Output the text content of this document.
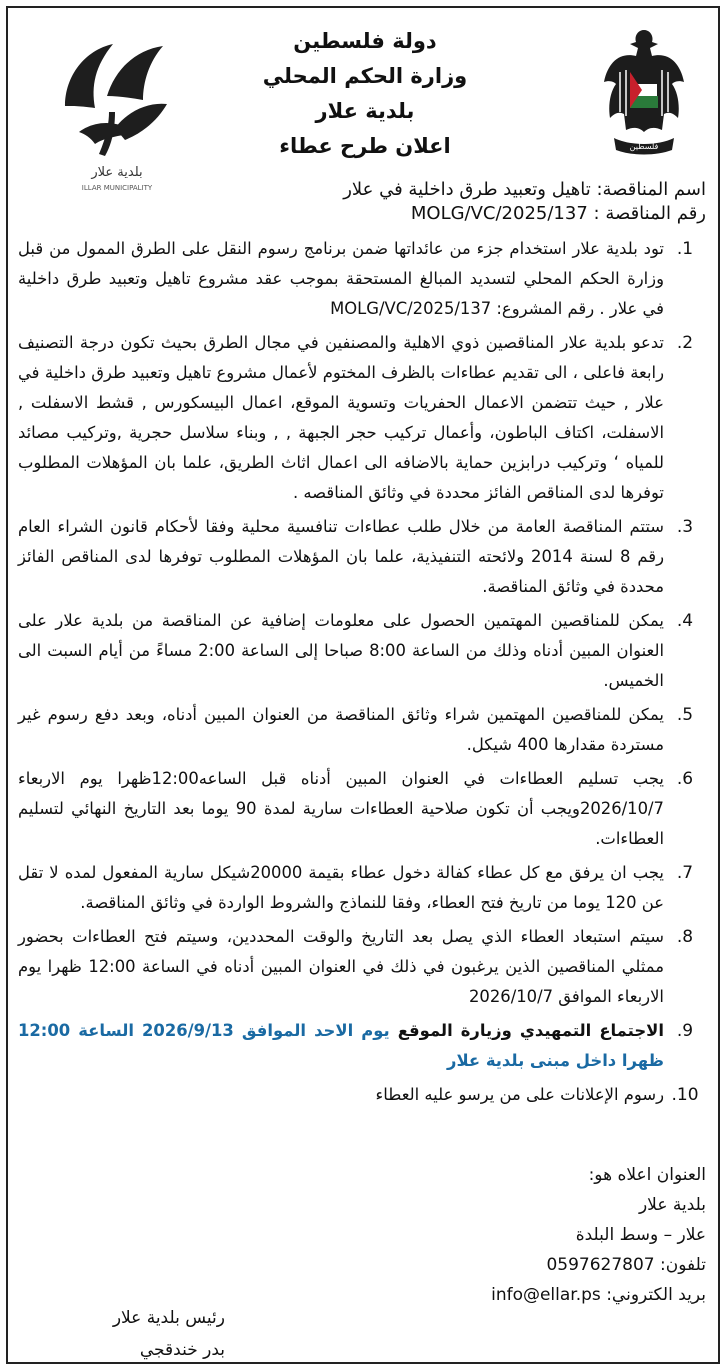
فلسطين
بلدية علار
ILLAR MUNICIPALITY
دولة فلسطين
وزارة الحكم المحلي
بلدية علار
اعلان طرح عطاء
اسم المناقصة: تاهيل وتعبيد طرق داخلية في علار
رقم المناقصة : MOLG/VC/2025/137
1.
تود بلدية علار استخدام جزء من عائداتها ضمن برنامج رسوم النقل على الطرق الممول من قبل وزارة الحكم المحلي لتسديد المبالغ المستحقة بموجب عقد مشروع تاهيل وتعبيد طرق داخلية في علار . رقم المشروع: MOLG/VC/2025/137
2.
تدعو بلدية علار المناقصين ذوي الاهلية والمصنفين في مجال الطرق بحيث تكون درجة التصنيف رابعة فاعلى ، الى تقديم عطاءات بالظرف المختوم لأعمال مشروع تاهيل وتعبيد طرق داخلية في علار , حيث تتضمن الاعمال الحفريات وتسوية الموقع، اعمال البيسكورس , قشط الاسفلت , الاسفلت، اكتاف الباطون، وأعمال تركيب حجر الجبهة , , وبناء سلاسل حجرية ,وتركيب مصائد للمياه ‘ وتركيب درابزين حماية بالاضافه الى اعمال اثاث الطريق، علما بان المؤهلات المطلوب توفرها لدى المناقص الفائز محددة في وثائق المناقصه .
3.
ستتم المناقصة العامة من خلال طلب عطاءات تنافسية محلية وفقا لأحكام قانون الشراء العام رقم 8 لسنة 2014 ولائحته التنفيذية، علما بان المؤهلات المطلوب توفرها لدى المناقص الفائز محددة في وثائق المناقصة.
4.
يمكن للمناقصين المهتمين الحصول على معلومات إضافية عن المناقصة من بلدية علار على العنوان المبين أدناه وذلك من الساعة 8:00 صباحا إلى الساعة 2:00 مساءً من أيام السبت الى الخميس.
5.
يمكن للمناقصين المهتمين شراء وثائق المناقصة من العنوان المبين أدناه، وبعد دفع رسوم غير مستردة مقدارها 400 شيكل.
6.
يجب تسليم العطاءات في العنوان المبين أدناه قبل الساعه12:00ظهرا يوم الاربعاء 2026/10/7ويجب أن تكون صلاحية العطاءات سارية لمدة 90 يوما بعد التاريخ النهائي لتسليم العطاءات.
7.
يجب ان يرفق مع كل عطاء كفالة دخول عطاء بقيمة 20000شيكل سارية المفعول لمده لا تقل عن 120 يوما من تاريخ فتح العطاء، وفقا للنماذج والشروط الواردة في وثائق المناقصة.
8.
سيتم استبعاد العطاء الذي يصل بعد التاريخ والوقت المحددين، وسيتم فتح العطاءات بحضور ممثلي المناقصين الذين يرغبون في ذلك في العنوان المبين أدناه في الساعة 12:00 ظهرا يوم الاربعاء الموافق 2026/10/7
9.
الاجتماع التمهيدي وزيارة الموقع يوم الاحد الموافق 2026/9/13 الساعة 12:00 ظهرا داخل مبنى بلدية علار
10.
رسوم الإعلانات على من يرسو عليه العطاء
العنوان اعلاه هو:
بلدية علار
علار – وسط البلدة
تلفون: 0597627807
بريد الكتروني: info@ellar.ps
رئيس بلدية علار
بدر خندقجي
